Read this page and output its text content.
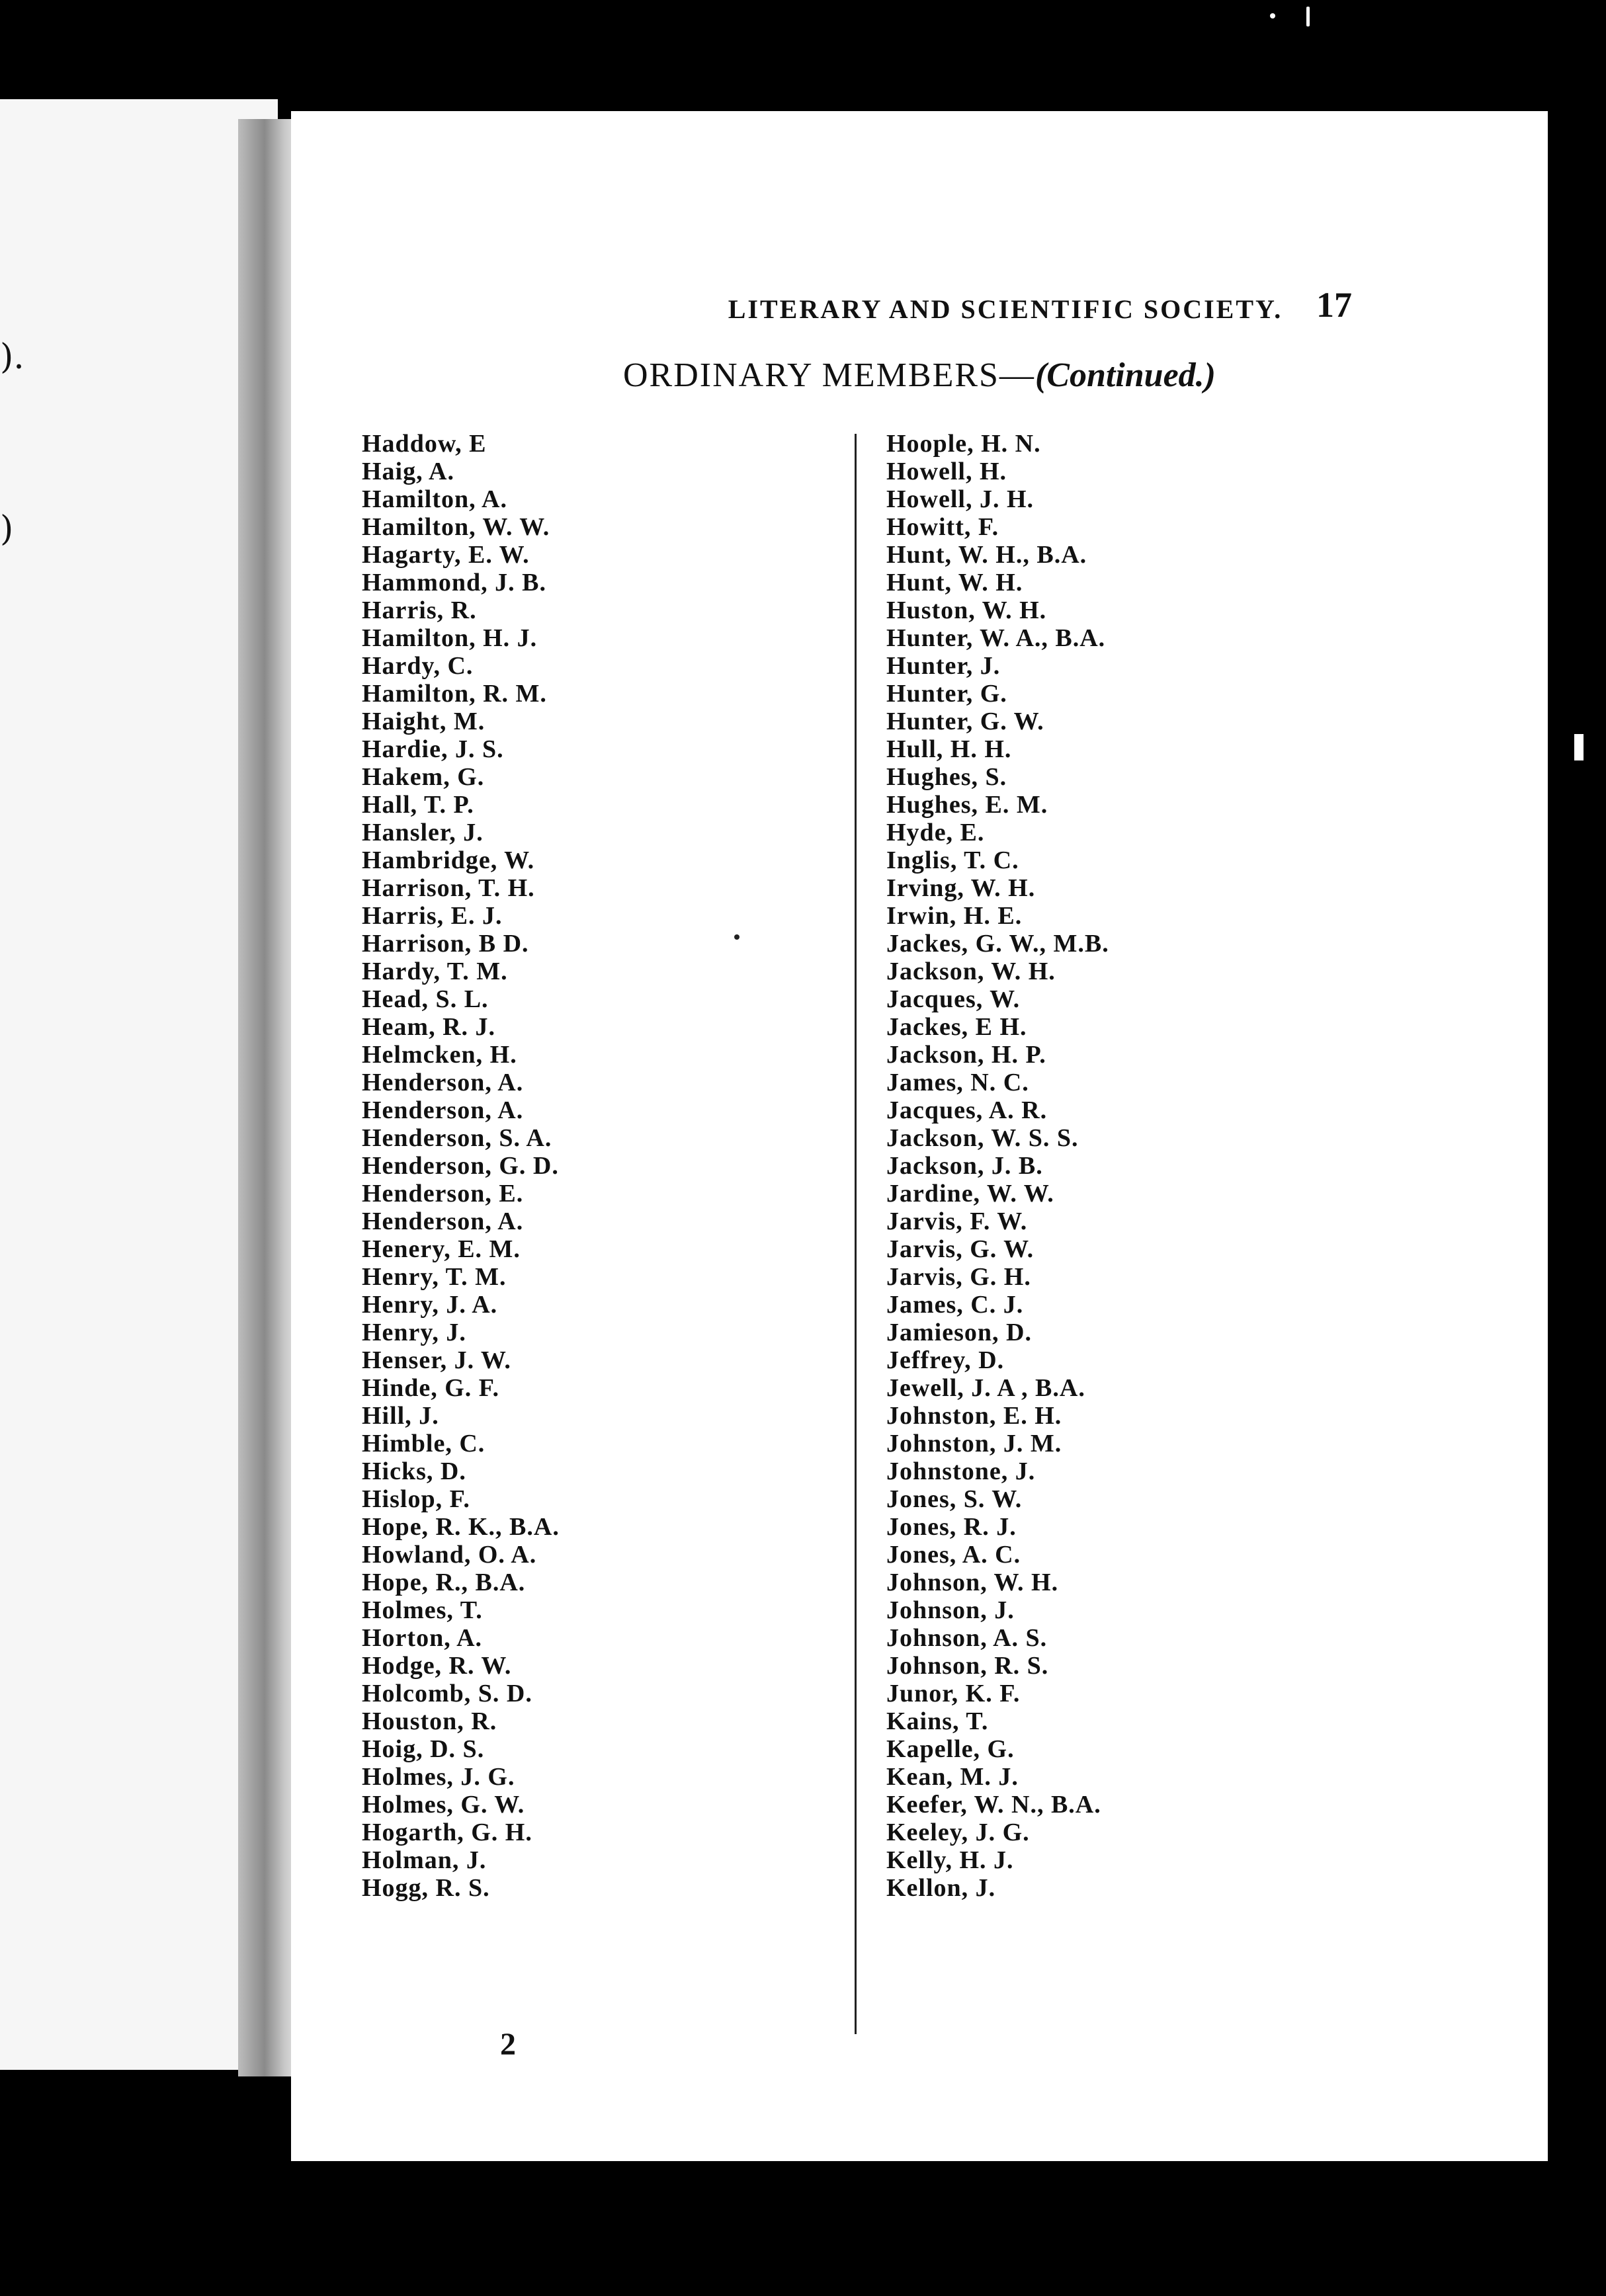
).
)
LITERARY AND SCIENTIFIC SOCIETY. 17
ORDINARY MEMBERS—(Continued.)
Haddow, E
Haig, A.
Hamilton, A.
Hamilton, W. W.
Hagarty, E. W.
Hammond, J. B.
Harris, R.
Hamilton, H. J.
Hardy, C.
Hamilton, R. M.
Haight, M.
Hardie, J. S.
Hakem, G.
Hall, T. P.
Hansler, J.
Hambridge, W.
Harrison, T. H.
Harris, E. J.
Harrison, B D.
Hardy, T. M.
Head, S. L.
Heam, R. J.
Helmcken, H.
Henderson, A.
Henderson, A.
Henderson, S. A.
Henderson, G. D.
Henderson, E.
Henderson, A.
Henery, E. M.
Henry, T. M.
Henry, J. A.
Henry, J.
Henser, J. W.
Hinde, G. F.
Hill, J.
Himble, C.
Hicks, D.
Hislop, F.
Hope, R. K., B.A.
Howland, O. A.
Hope, R., B.A.
Holmes, T.
Horton, A.
Hodge, R. W.
Holcomb, S. D.
Houston, R.
Hoig, D. S.
Holmes, J. G.
Holmes, G. W.
Hogarth, G. H.
Holman, J.
Hogg, R. S.
Hoople, H. N.
Howell, H.
Howell, J. H.
Howitt, F.
Hunt, W. H., B.A.
Hunt, W. H.
Huston, W. H.
Hunter, W. A., B.A.
Hunter, J.
Hunter, G.
Hunter, G. W.
Hull, H. H.
Hughes, S.
Hughes, E. M.
Hyde, E.
Inglis, T. C.
Irving, W. H.
Irwin, H. E.
Jackes, G. W., M.B.
Jackson, W. H.
Jacques, W.
Jackes, E H.
Jackson, H. P.
James, N. C.
Jacques, A. R.
Jackson, W. S. S.
Jackson, J. B.
Jardine, W. W.
Jarvis, F. W.
Jarvis, G. W.
Jarvis, G. H.
James, C. J.
Jamieson, D.
Jeffrey, D.
Jewell, J. A , B.A.
Johnston, E. H.
Johnston, J. M.
Johnstone, J.
Jones, S. W.
Jones, R. J.
Jones, A. C.
Johnson, W. H.
Johnson, J.
Johnson, A. S.
Johnson, R. S.
Junor, K. F.
Kains, T.
Kapelle, G.
Kean, M. J.
Keefer, W. N., B.A.
Keeley, J. G.
Kelly, H. J.
Kellon, J.
2
